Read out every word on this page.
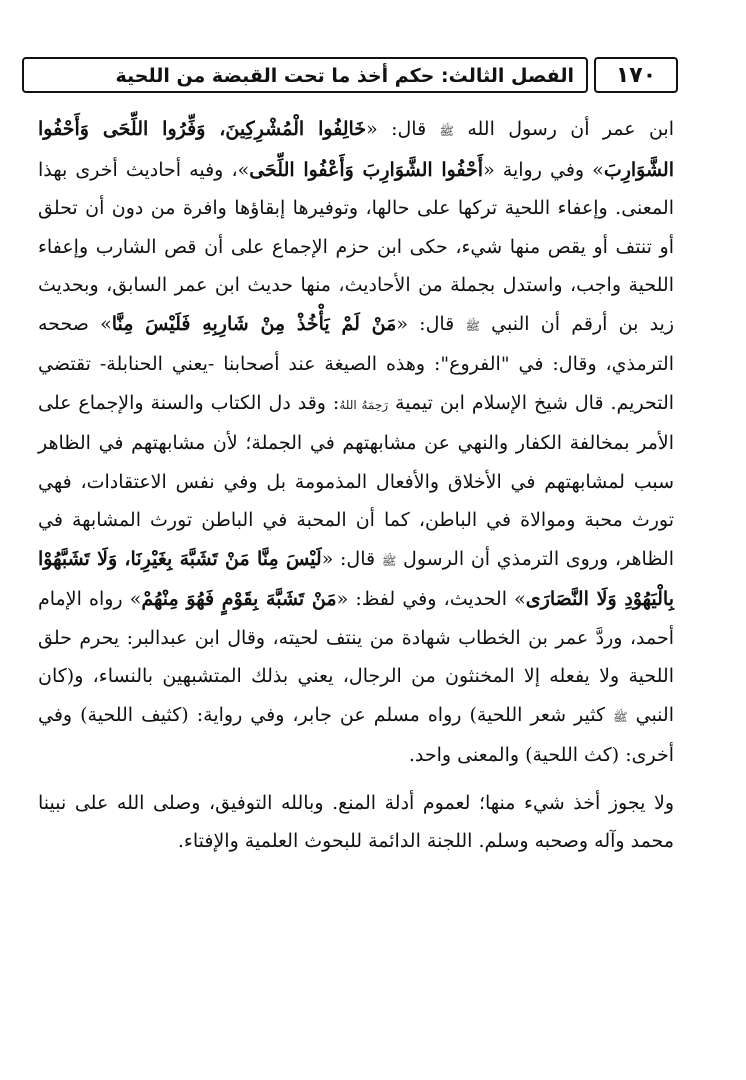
الفصل الثالث: حكم أخذ ما تحت القبضة من اللحية	١٧٠

ابن عمر أن رسول الله ﷺ قال: «خَالِفُوا الْمُشْرِكِينَ، وَفِّرُوا اللِّحَى وَأَحْفُوا الشَّوَارِبَ» وفي رواية «أَحْفُوا الشَّوَارِبَ وَأَعْفُوا اللِّحَى»، وفيه أحاديث أخرى بهذا المعنى. وإعفاء اللحية تركها على حالها، وتوفيرها إبقاؤها وافرة من دون أن تحلق أو تنتف أو يقص منها شيء، حكى ابن حزم الإجماع على أن قص الشارب وإعفاء اللحية واجب، واستدل بجملة من الأحاديث، منها حديث ابن عمر السابق، وبحديث زيد بن أرقم أن النبي ﷺ قال: «مَنْ لَمْ يَأْخُذْ مِنْ شَارِبِهِ فَلَيْسَ مِنَّا» صححه الترمذي، وقال: في "الفروع": وهذه الصيغة عند أصحابنا -يعني الحنابلة- تقتضي التحريم. قال شيخ الإسلام ابن تيمية رَحِمَهُ اللهُ: وقد دل الكتاب والسنة والإجماع على الأمر بمخالفة الكفار والنهي عن مشابهتهم في الجملة؛ لأن مشابهتهم في الظاهر سبب لمشابهتهم في الأخلاق والأفعال المذمومة بل وفي نفس الاعتقادات، فهي تورث محبة وموالاة في الباطن، كما أن المحبة في الباطن تورث المشابهة في الظاهر، وروى الترمذي أن الرسول ﷺ قال: «لَيْسَ مِنَّا مَنْ تَشَبَّهَ بِغَيْرِنَا، وَلَا تَشَبَّهُوْا بِالْيَهُوْدِ وَلَا النَّصَارَى» الحديث، وفي لفظ: «مَنْ تَشَبَّهَ بِقَوْمٍ فَهُوَ مِنْهُمْ» رواه الإمام أحمد، وردَّ عمر بن الخطاب شهادة من ينتف لحيته، وقال ابن عبدالبر: يحرم حلق اللحية ولا يفعله إلا المخنثون من الرجال، يعني بذلك المتشبهين بالنساء، و(كان النبي ﷺ كثير شعر اللحية) رواه مسلم عن جابر، وفي رواية: (كثيف اللحية) وفي أخرى: (كث اللحية) والمعنى واحد.

ولا يجوز أخذ شيء منها؛ لعموم أدلة المنع. وبالله التوفيق، وصلى الله على نبينا محمد وآله وصحبه وسلم. اللجنة الدائمة للبحوث العلمية والإفتاء.
